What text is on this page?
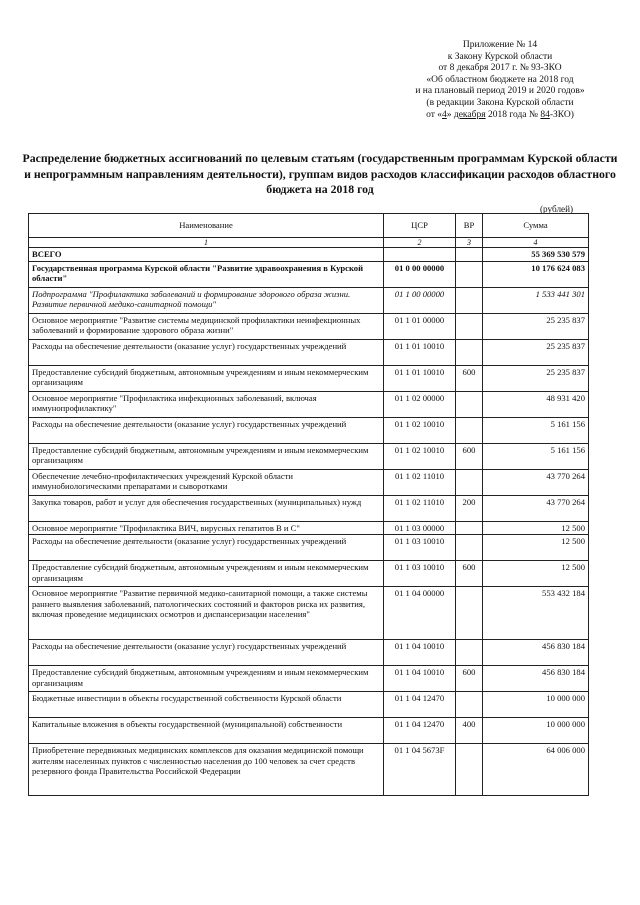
Приложение № 14
к Закону Курской области
от 8 декабря 2017 г. № 93-ЗКО
«Об областном бюджете на 2018 год
и на плановый период 2019 и 2020 годов»
(в редакции Закона Курской области
от «4» декабря 2018 года № 84-ЗКО)
Распределение бюджетных ассигнований по целевым статьям (государственным программам Курской области и непрограммным направлениям деятельности), группам видов расходов классификации расходов областного бюджета на 2018 год
(рублей)
Наименование	ЦСР	ВР	Сумма
1	2	3	4
ВСЕГО			55 369 530 579
Государственная программа Курской области "Развитие здравоохранения в Курской области"	01 0 00 00000		10 176 624 083
Подпрограмма "Профилактика заболеваний и формирование здорового образа жизни. Развитие первичной медико-санитарной помощи"	01 1 00 00000		1 533 441 301
Основное мероприятие "Развитие системы медицинской профилактики неинфекционных заболеваний и формирование здорового образа жизни"	01 1 01 00000		25 235 837
Расходы на обеспечение деятельности (оказание услуг) государственных учреждений	01 1 01 10010		25 235 837
Предоставление субсидий бюджетным, автономным учреждениям и иным некоммерческим организациям	01 1 01 10010	600	25 235 837
Основное мероприятие "Профилактика инфекционных заболеваний, включая иммунопрофилактику"	01 1 02 00000		48 931 420
Расходы на обеспечение деятельности (оказание услуг) государственных учреждений	01 1 02 10010		5 161 156
Предоставление субсидий бюджетным, автономным учреждениям и иным некоммерческим организациям	01 1 02 10010	600	5 161 156
Обеспечение лечебно-профилактических учреждений Курской области иммунобиологическими препаратами и сыворотками	01 1 02 11010		43 770 264
Закупка товаров, работ и услуг для обеспечения государственных (муниципальных) нужд	01 1 02 11010	200	43 770 264
Основное мероприятие "Профилактика ВИЧ, вирусных гепатитов В и С"	01 1 03 00000		12 500
Расходы на обеспечение деятельности (оказание услуг) государственных учреждений	01 1 03 10010		12 500
Предоставление субсидий бюджетным, автономным учреждениям и иным некоммерческим организациям	01 1 03 10010	600	12 500
Основное мероприятие "Развитие первичной медико-санитарной помощи, а также системы раннего выявления заболеваний, патологических состояний и факторов риска их развития, включая проведение медицинских осмотров и диспансеризации населения"	01 1 04 00000		553 432 184
Расходы на обеспечение деятельности (оказание услуг) государственных учреждений	01 1 04 10010		456 830 184
Предоставление субсидий бюджетным, автономным учреждениям и иным некоммерческим организациям	01 1 04 10010	600	456 830 184
Бюджетные инвестиции в объекты государственной собственности Курской области	01 1 04 12470		10 000 000
Капитальные вложения в объекты государственной (муниципальной) собственности	01 1 04 12470	400	10 000 000
Приобретение передвижных медицинских комплексов для оказания медицинской помощи жителям населенных пунктов с численностью населения до 100 человек за счет средств резервного фонда Правительства Российской Федерации	01 1 04 5673F		64 006 000
